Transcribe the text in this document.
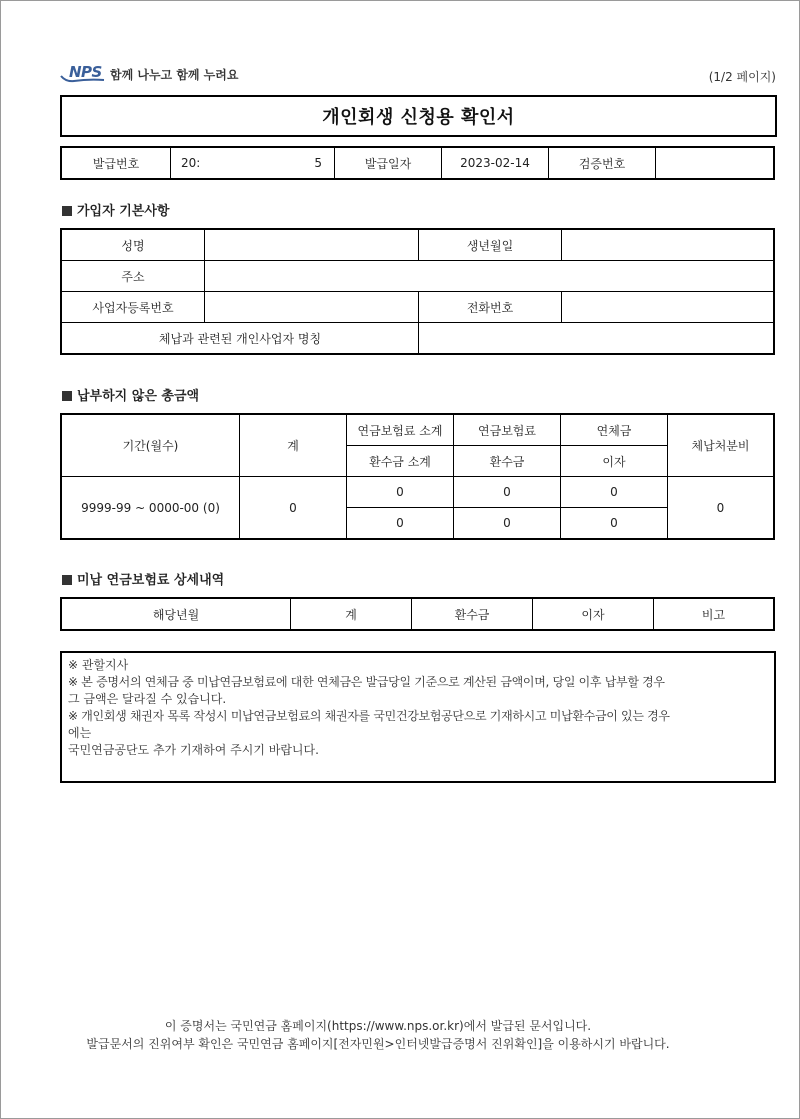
NPS 함께 나누고 함께 누려요	(1/2 페이지)
개인회생 신청용 확인서
발급번호	20:	5	발급일자	2023-02-14	검증번호	
가입자 기본사항
성명		생년월일	
주소			
사업자등록번호		전화번호	
체납과 관련된 개인사업자 명칭			
납부하지 않은 총금액
기간(월수)	계	연금보험료 소계	연금보험료	연체금	체납처분비
		환수금 소계	환수금	이자	
9999-99 ~ 0000-00 (0)	0	0	0	0	0
		0	0	0	
미납 연금보험료 상세내역
해당년월	계	환수금	이자	비고
※ 관할지사
※ 본 증명서의 연체금 중 미납연금보험료에 대한 연체금은 발급당일 기준으로 계산된 금액이며, 당일 이후 납부할 경우
그 금액은 달라질 수 있습니다.
※ 개인회생 채권자 목록 작성시 미납연금보험료의 채권자를 국민건강보험공단으로 기재하시고 미납환수금이 있는 경우
에는
국민연금공단도 추가 기재하여 주시기 바랍니다.
이 증명서는 국민연금 홈페이지(https://www.nps.or.kr)에서 발급된 문서입니다.
발급문서의 진위여부 확인은 국민연금 홈페이지[전자민원>인터넷발급증명서 진위확인]을 이용하시기 바랍니다.
